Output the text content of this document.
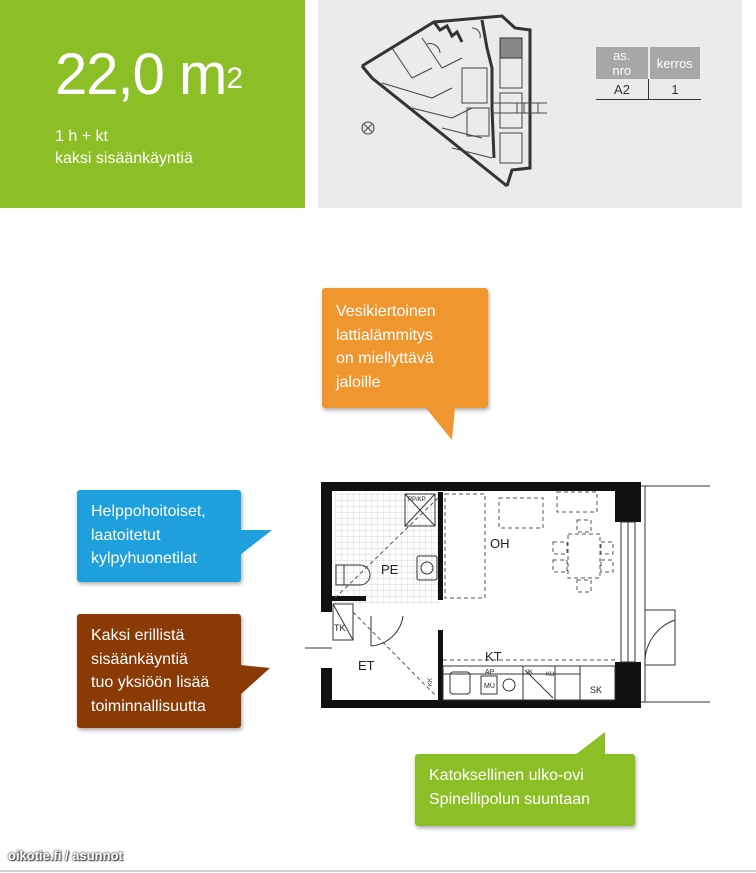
22,0 $m^2$
1 h + kt
kaksi sisäänkäyntiä
as. nro	kerros
A2	1
Vesikiertoinen
lattialämmitys
on miellyttävä
jaloille
Helppohoitoiset,
laatoitetut
kylpyhuonetilat
Kaksi erillistä
sisäänkäyntiä
tuo yksiöön lisää
toiminnallisuutta
Katoksellinen ulko-ovi
Spinellipolun suuntaan
OH
PE
ET
KT
TK
SK
KK
AP
MU
JK KU
PP/KP
oikotie.fi / asunnot
